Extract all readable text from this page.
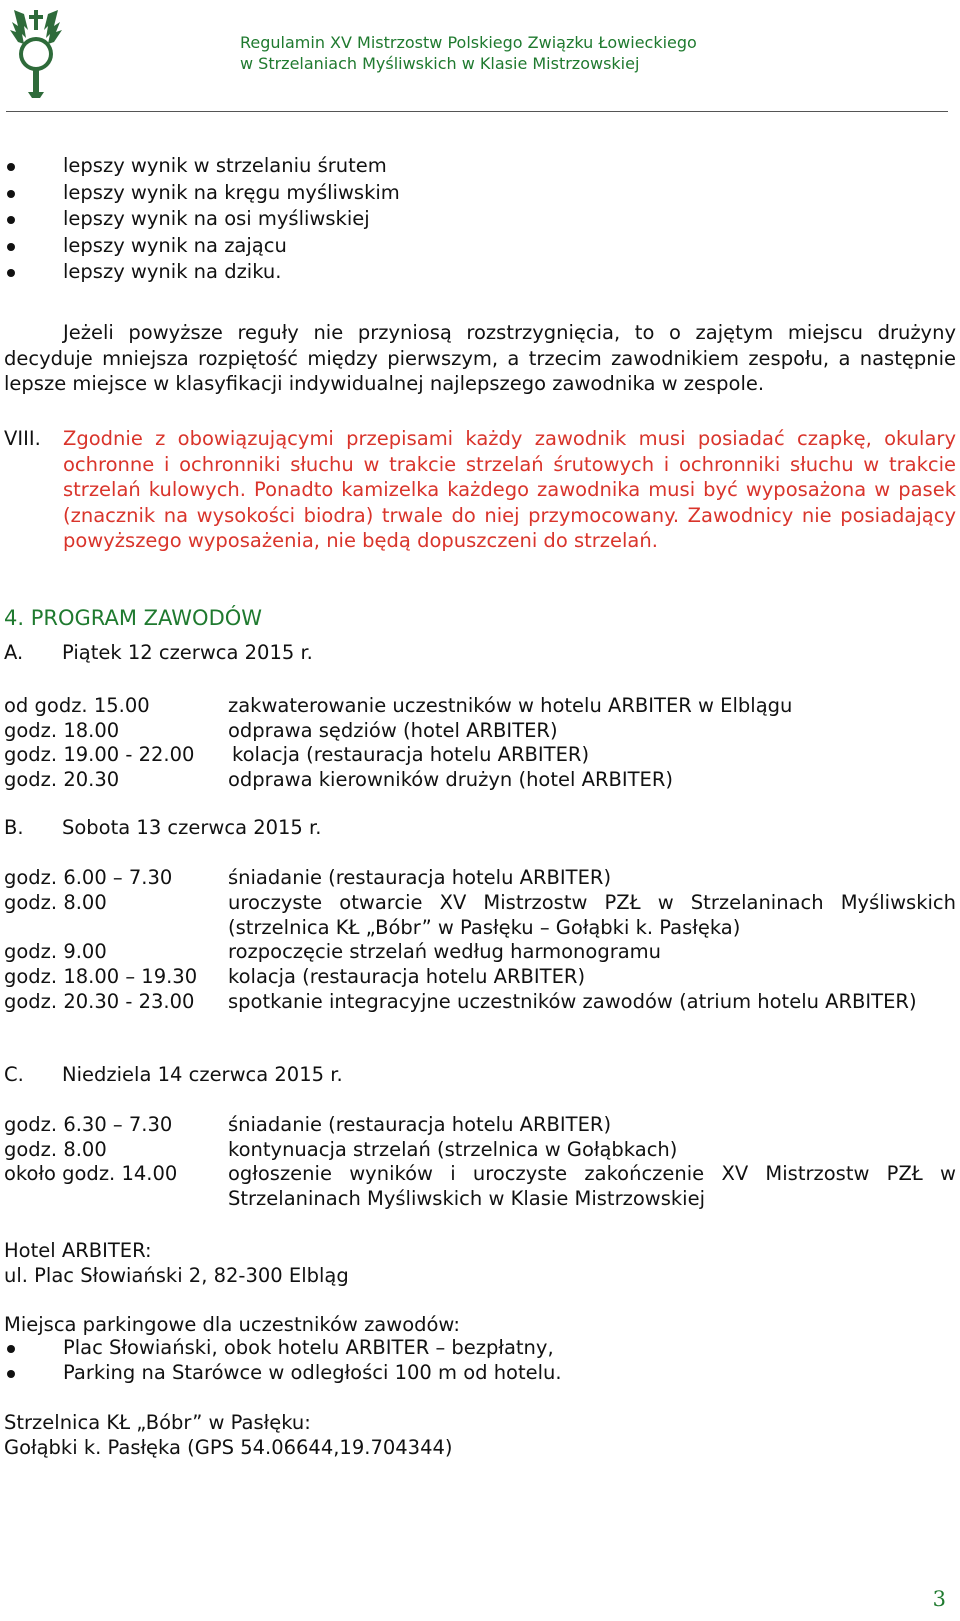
Regulamin XV Mistrzostw Polskiego Związku Łowieckiego
w Strzelaniach Myśliwskich w Klasie Mistrzowskiej
lepszy wynik w strzelaniu śrutem
lepszy wynik na kręgu myśliwskim
lepszy wynik na osi myśliwskiej
lepszy wynik na zającu
lepszy wynik na dziku.
Jeżeli powyższe reguły nie przyniosą rozstrzygnięcia, to o zajętym miejscu drużyny decyduje mniejsza rozpiętość między pierwszym, a trzecim zawodnikiem zespołu, a następnie lepsze miejsce w klasyfikacji indywidualnej najlepszego zawodnika w zespole.
VIII. Zgodnie z obowiązującymi przepisami każdy zawodnik musi posiadać czapkę, okulary ochronne i ochronniki słuchu w trakcie strzelań śrutowych i ochronniki słuchu w trakcie strzelań kulowych. Ponadto kamizelka każdego zawodnika musi być wyposażona w pasek (znacznik na wysokości biodra) trwale do niej przymocowany. Zawodnicy nie posiadający powyższego wyposażenia, nie będą dopuszczeni do strzelań.
4. PROGRAM ZAWODÓW
A. Piątek 12 czerwca 2015 r.
od godz. 15.00	zakwaterowanie uczestników w hotelu ARBITER w Elblągu
godz. 18.00	odprawa sędziów (hotel ARBITER)
godz. 19.00 - 22.00 kolacja (restauracja hotelu ARBITER)
godz. 20.30	odprawa kierowników drużyn (hotel ARBITER)
B. Sobota 13 czerwca 2015 r.
godz. 6.00 – 7.30	śniadanie (restauracja hotelu ARBITER)
godz. 8.00	uroczyste otwarcie XV Mistrzostw PZŁ w Strzelaninach Myśliwskich (strzelnica KŁ „Bóbr” w Pasłęku – Gołąbki k. Pasłęka)
godz. 9.00	rozpoczęcie strzelań według harmonogramu
godz. 18.00 – 19.30 kolacja (restauracja hotelu ARBITER)
godz. 20.30 - 23.00 spotkanie integracyjne uczestników zawodów (atrium hotelu ARBITER)
C. Niedziela 14 czerwca 2015 r.
godz. 6.30 – 7.30	śniadanie (restauracja hotelu ARBITER)
godz. 8.00	kontynuacja strzelań (strzelnica w Gołąbkach)
około godz. 14.00	ogłoszenie wyników i uroczyste zakończenie XV Mistrzostw PZŁ w Strzelaninach Myśliwskich w Klasie Mistrzowskiej
Hotel ARBITER:
ul. Plac Słowiański 2, 82-300 Elbląg
Miejsca parkingowe dla uczestników zawodów:
Plac Słowiański, obok hotelu ARBITER – bezpłatny,
Parking na Starówce w odległości 100 m od hotelu.
Strzelnica KŁ „Bóbr” w Pasłęku:
Gołąbki k. Pasłęka (GPS 54.06644,19.704344)
3
